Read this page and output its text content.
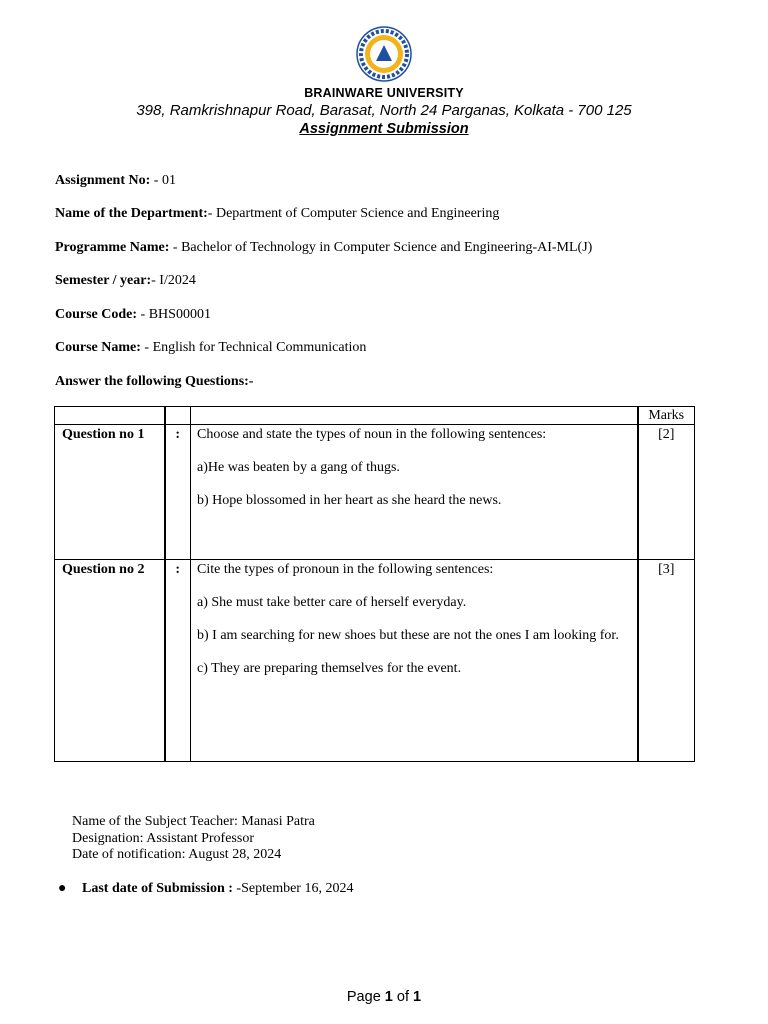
BRAINWARE UNIVERSITY
398, Ramkrishnapur Road, Barasat, North 24 Parganas, Kolkata - 700 125
Assignment Submission
Assignment No: - 01
Name of the Department:- Department of Computer Science and Engineering
Programme Name: - Bachelor of Technology in Computer Science and Engineering-AI-ML(J)
Semester / year:- I/2024
Course Code: - BHS00001
Course Name: - English for Technical Communication
Answer the following Questions:-
			Marks
Question no 1	:	Choose and state the types of noun in the following sentences:

a)He was beaten by a gang of thugs.

b) Hope blossomed in her heart as she heard the news.	[2]
Question no 2	:	Cite the types of pronoun in the following sentences:

a) She must take better care of herself everyday.

b) I am searching for new shoes but these are not the ones I am looking for.

c) They are preparing themselves for the event.	[3]
Name of the Subject Teacher: Manasi Patra
Designation: Assistant Professor
Date of notification: August 28, 2024
● Last date of Submission : -September 16, 2024
Page 1 of 1
